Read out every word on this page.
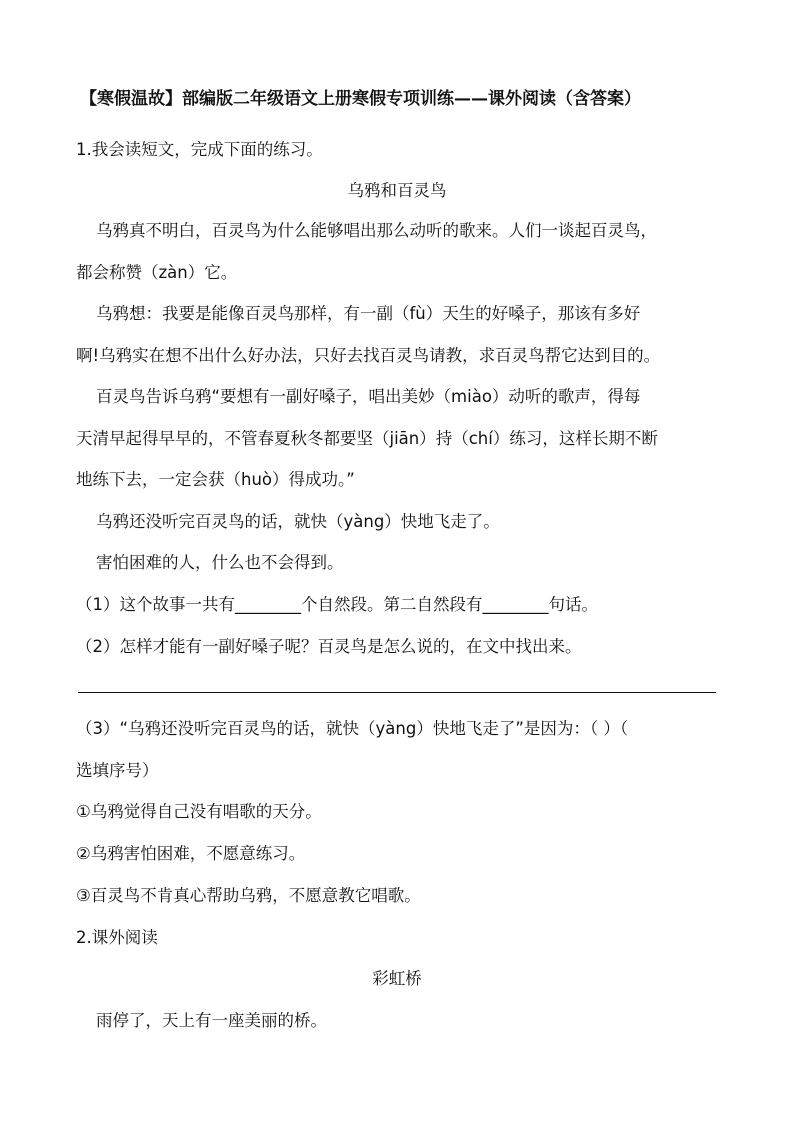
【寒假温故】部编版二年级语文上册寒假专项训练——课外阅读（含答案）
1.我会读短文，完成下面的练习。
乌鸦和百灵鸟
乌鸦真不明白，百灵鸟为什么能够唱出那么动听的歌来。人们一谈起百灵鸟，
都会称赞（zàn）它。
乌鸦想：我要是能像百灵鸟那样，有一副（fù）天生的好嗓子，那该有多好
啊!乌鸦实在想不出什么好办法，只好去找百灵鸟请教，求百灵鸟帮它达到目的。
百灵鸟告诉乌鸦“要想有一副好嗓子，唱出美妙（miào）动听的歌声，得每
天清早起得早早的，不管春夏秋冬都要坚（jiān）持（chí）练习，这样长期不断
地练下去，一定会获（huò）得成功。”
乌鸦还没听完百灵鸟的话，就快（yàng）快地飞走了。
害怕困难的人，什么也不会得到。
（1）这个故事一共有________个自然段。第二自然段有________句话。
（2）怎样才能有一副好嗓子呢？百灵鸟是怎么说的，在文中找出来。
（3）“乌鸦还没听完百灵鸟的话，就快（yàng）快地飞走了”是因为：（ ）（
选填序号）
①乌鸦觉得自己没有唱歌的天分。
②乌鸦害怕困难，不愿意练习。
③百灵鸟不肯真心帮助乌鸦，不愿意教它唱歌。
2.课外阅读
彩虹桥
雨停了，天上有一座美丽的桥。
